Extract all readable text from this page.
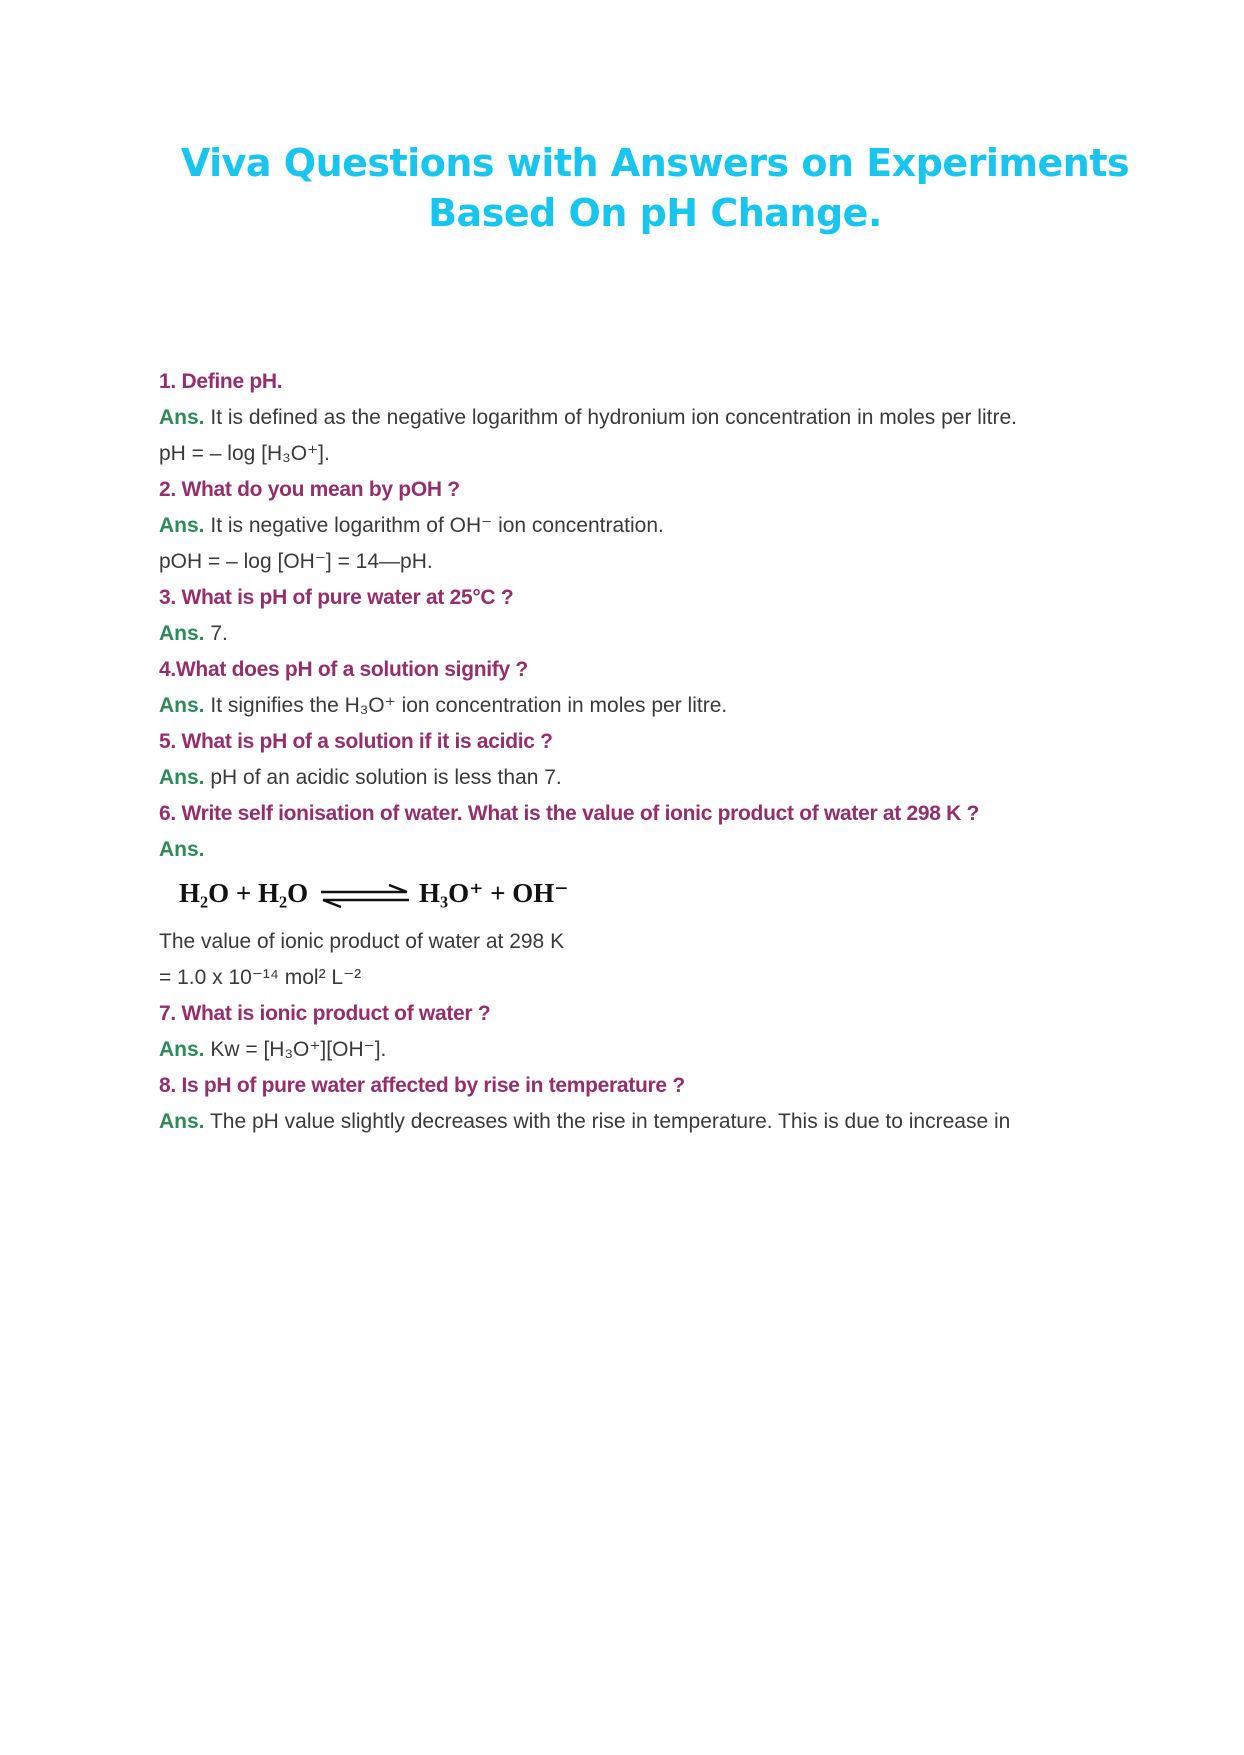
Viva Questions with Answers on Experiments Based On pH Change.
1. Define pH.
Ans. It is defined as the negative logarithm of hydronium ion concentration in moles per litre.
pH = – log [H₃O⁺].
2. What do you mean by pOH ?
Ans. It is negative logarithm of OH⁻ ion concentration.
pOH = – log [OH⁻] = 14—pH.
3. What is pH of pure water at 25°C ?
Ans. 7.
4.What does pH of a solution signify ?
Ans. It signifies the H₃O⁺ ion concentration in moles per litre.
5. What is pH of a solution if it is acidic ?
Ans. pH of an acidic solution is less than 7.
6. Write self ionisation of water. What is the value of ionic product of water at 298 K ?
Ans.
H₂O + H₂O ⇌ H₃O⁺ + OH⁻
The value of ionic product of water at 298 K
= 1.0 x 10⁻¹⁴ mol² L⁻²
7. What is ionic product of water ?
Ans. Kw = [H₃O⁺][OH⁻].
8. Is pH of pure water affected by rise in temperature ?
Ans. The pH value slightly decreases with the rise in temperature. This is due to increase in
